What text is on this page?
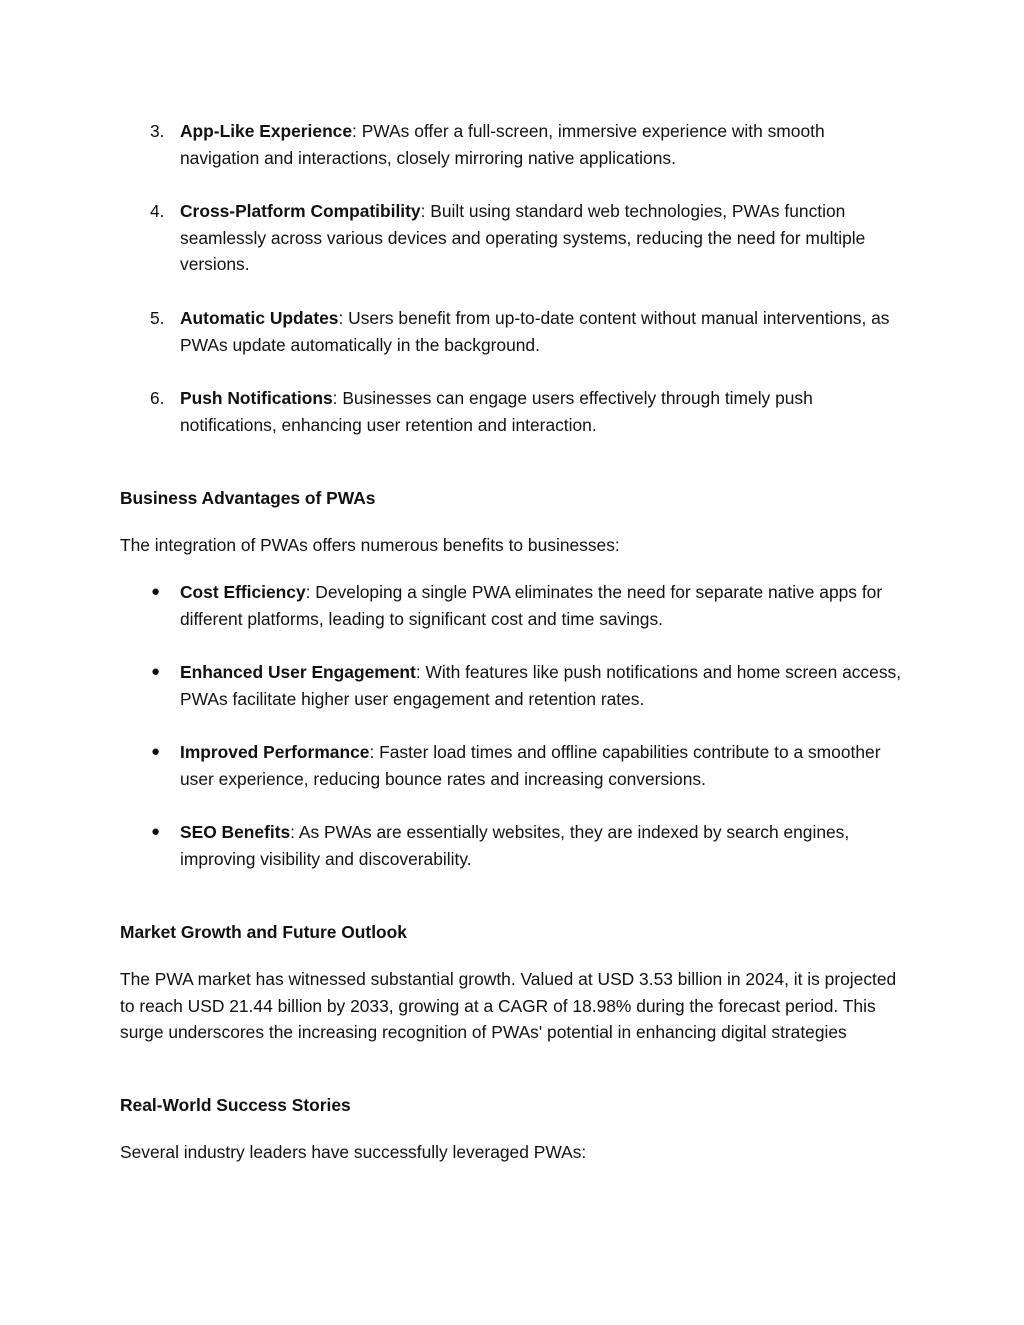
3. App-Like Experience: PWAs offer a full-screen, immersive experience with smooth navigation and interactions, closely mirroring native applications.
4. Cross-Platform Compatibility: Built using standard web technologies, PWAs function seamlessly across various devices and operating systems, reducing the need for multiple versions.
5. Automatic Updates: Users benefit from up-to-date content without manual interventions, as PWAs update automatically in the background.
6. Push Notifications: Businesses can engage users effectively through timely push notifications, enhancing user retention and interaction.
Business Advantages of PWAs
The integration of PWAs offers numerous benefits to businesses:
●	Cost Efficiency: Developing a single PWA eliminates the need for separate native apps for different platforms, leading to significant cost and time savings.
●	Enhanced User Engagement: With features like push notifications and home screen access, PWAs facilitate higher user engagement and retention rates.
●	Improved Performance: Faster load times and offline capabilities contribute to a smoother user experience, reducing bounce rates and increasing conversions.
●	SEO Benefits: As PWAs are essentially websites, they are indexed by search engines, improving visibility and discoverability.
Market Growth and Future Outlook
The PWA market has witnessed substantial growth. Valued at USD 3.53 billion in 2024, it is projected to reach USD 21.44 billion by 2033, growing at a CAGR of 18.98% during the forecast period. This surge underscores the increasing recognition of PWAs' potential in enhancing digital strategies
Real-World Success Stories
Several industry leaders have successfully leveraged PWAs:
